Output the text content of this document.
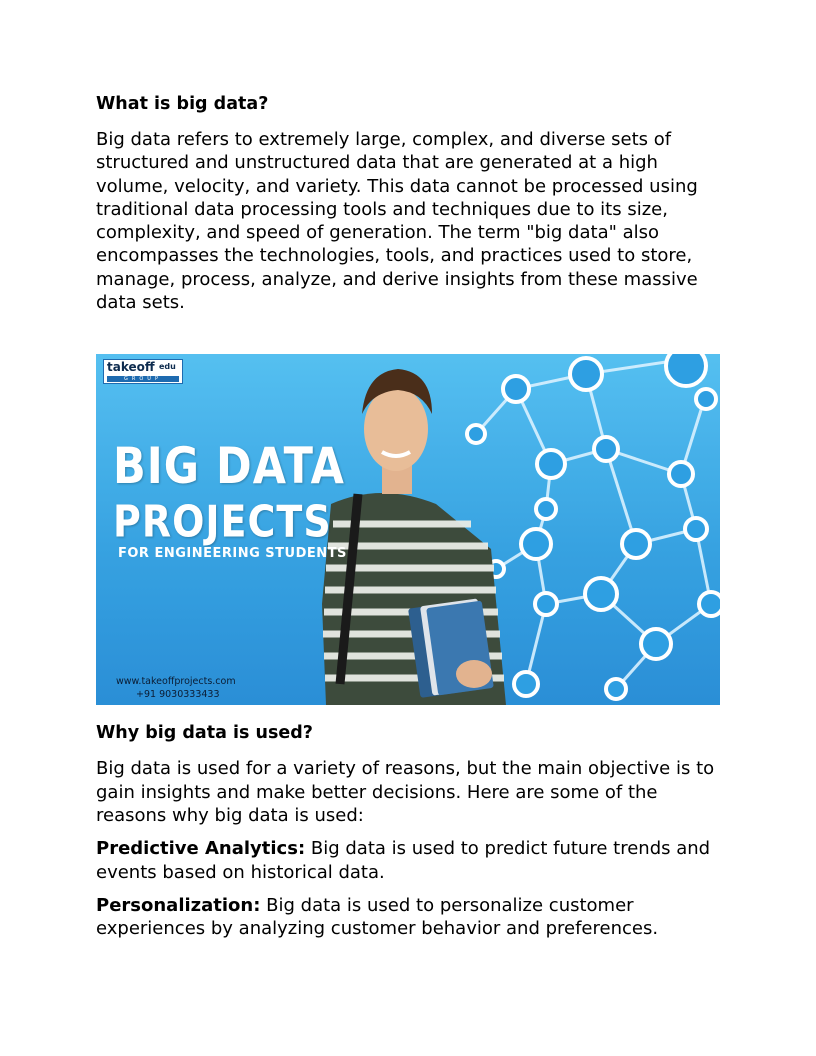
What is big data?

Big data refers to extremely large, complex, and diverse sets of structured and unstructured data that are generated at a high volume, velocity, and variety. This data cannot be processed using traditional data processing tools and techniques due to its size, complexity, and speed of generation. The term "big data" also encompasses the technologies, tools, and practices used to store, manage, process, analyze, and derive insights from these massive data sets.

takeoff edu
GROUP
BIG DATA
PROJECTS
FOR ENGINEERING STUDENTS
www.takeoffprojects.com
+91 9030333433
Why big data is used?

Big data is used for a variety of reasons, but the main objective is to gain insights and make better decisions. Here are some of the reasons why big data is used:

Predictive Analytics: Big data is used to predict future trends and events based on historical data.

Personalization: Big data is used to personalize customer experiences by analyzing customer behavior and preferences.
